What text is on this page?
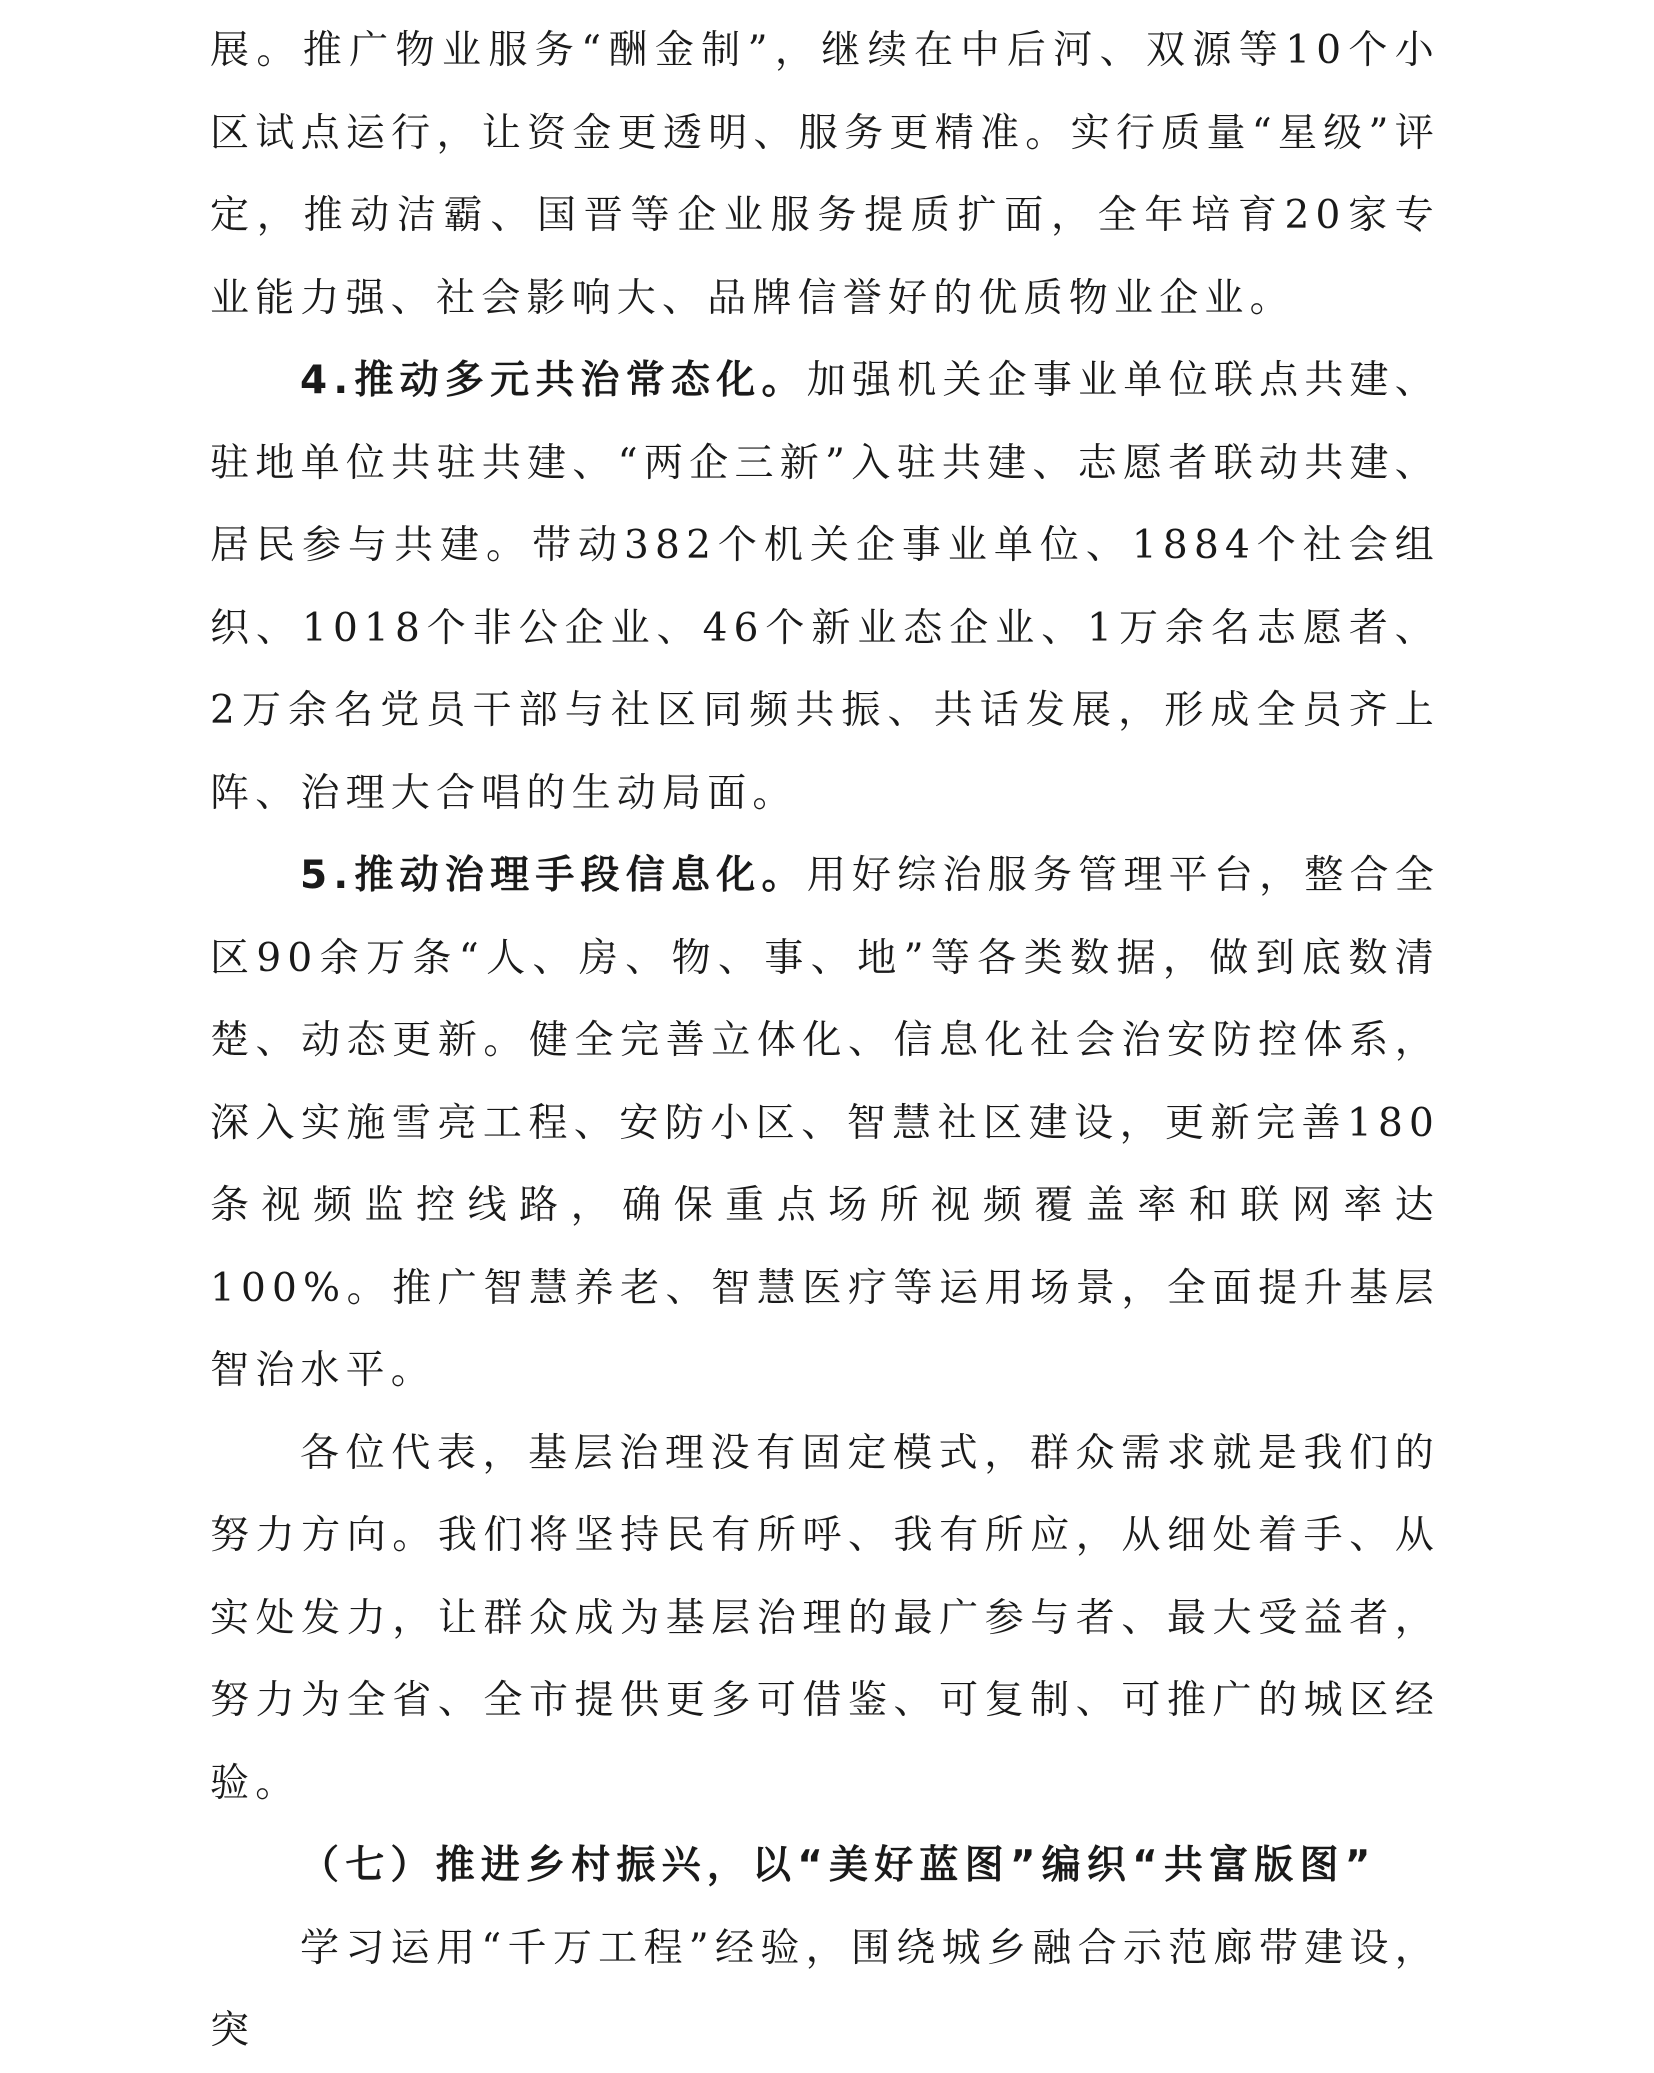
展。推广物业服务“酬金制”，继续在中后河、双源等10个小区试点运行，让资金更透明、服务更精准。实行质量“星级”评定，推动洁霸、国晋等企业服务提质扩面，全年培育20家专业能力强、社会影响大、品牌信誉好的优质物业企业。

4.推动多元共治常态化。加强机关企事业单位联点共建、驻地单位共驻共建、“两企三新”入驻共建、志愿者联动共建、居民参与共建。带动382个机关企事业单位、1884个社会组织、1018个非公企业、46个新业态企业、1万余名志愿者、2万余名党员干部与社区同频共振、共话发展，形成全员齐上阵、治理大合唱的生动局面。

5.推动治理手段信息化。用好综治服务管理平台，整合全区90余万条“人、房、物、事、地”等各类数据，做到底数清楚、动态更新。健全完善立体化、信息化社会治安防控体系，深入实施雪亮工程、安防小区、智慧社区建设，更新完善180条视频监控线路，确保重点场所视频覆盖率和联网率达100%。推广智慧养老、智慧医疗等运用场景，全面提升基层智治水平。

各位代表，基层治理没有固定模式，群众需求就是我们的努力方向。我们将坚持民有所呼、我有所应，从细处着手、从实处发力，让群众成为基层治理的最广参与者、最大受益者，努力为全省、全市提供更多可借鉴、可复制、可推广的城区经验。

（七）推进乡村振兴，以“美好蓝图”编织“共富版图”

学习运用“千万工程”经验，围绕城乡融合示范廊带建设，突
